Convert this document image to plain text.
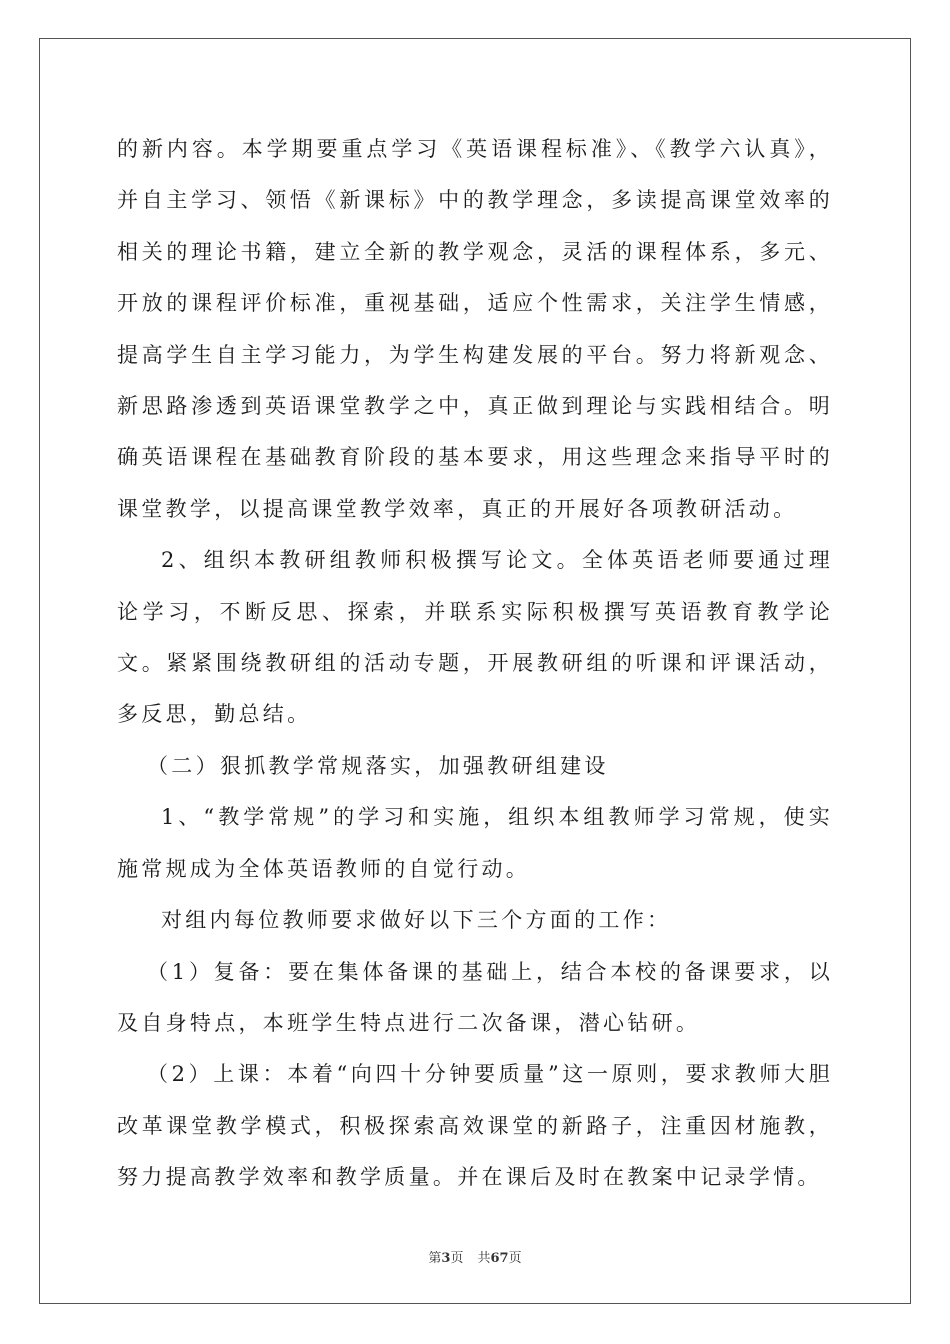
的新内容。本学期要重点学习《英语课程标准》、《教学六认真》，并自主学习、领悟《新课标》中的教学理念，多读提高课堂效率的相关的理论书籍，建立全新的教学观念，灵活的课程体系，多元、开放的课程评价标准，重视基础，适应个性需求，关注学生情感，提高学生自主学习能力，为学生构建发展的平台。努力将新观念、新思路渗透到英语课堂教学之中，真正做到理论与实践相结合。明确英语课程在基础教育阶段的基本要求，用这些理念来指导平时的课堂教学，以提高课堂教学效率，真正的开展好各项教研活动。

2、组织本教研组教师积极撰写论文。全体英语老师要通过理论学习，不断反思、探索，并联系实际积极撰写英语教育教学论文。紧紧围绕教研组的活动专题，开展教研组的听课和评课活动，多反思，勤总结。

（二）狠抓教学常规落实，加强教研组建设

1、“教学常规”的学习和实施，组织本组教师学习常规，使实施常规成为全体英语教师的自觉行动。

对组内每位教师要求做好以下三个方面的工作：

（1）复备：要在集体备课的基础上，结合本校的备课要求，以及自身特点，本班学生特点进行二次备课，潜心钻研。

（2）上课：本着“向四十分钟要质量”这一原则，要求教师大胆改革课堂教学模式，积极探索高效课堂的新路子，注重因材施教，努力提高教学效率和教学质量。并在课后及时在教案中记录学情。

第3页 共67页
